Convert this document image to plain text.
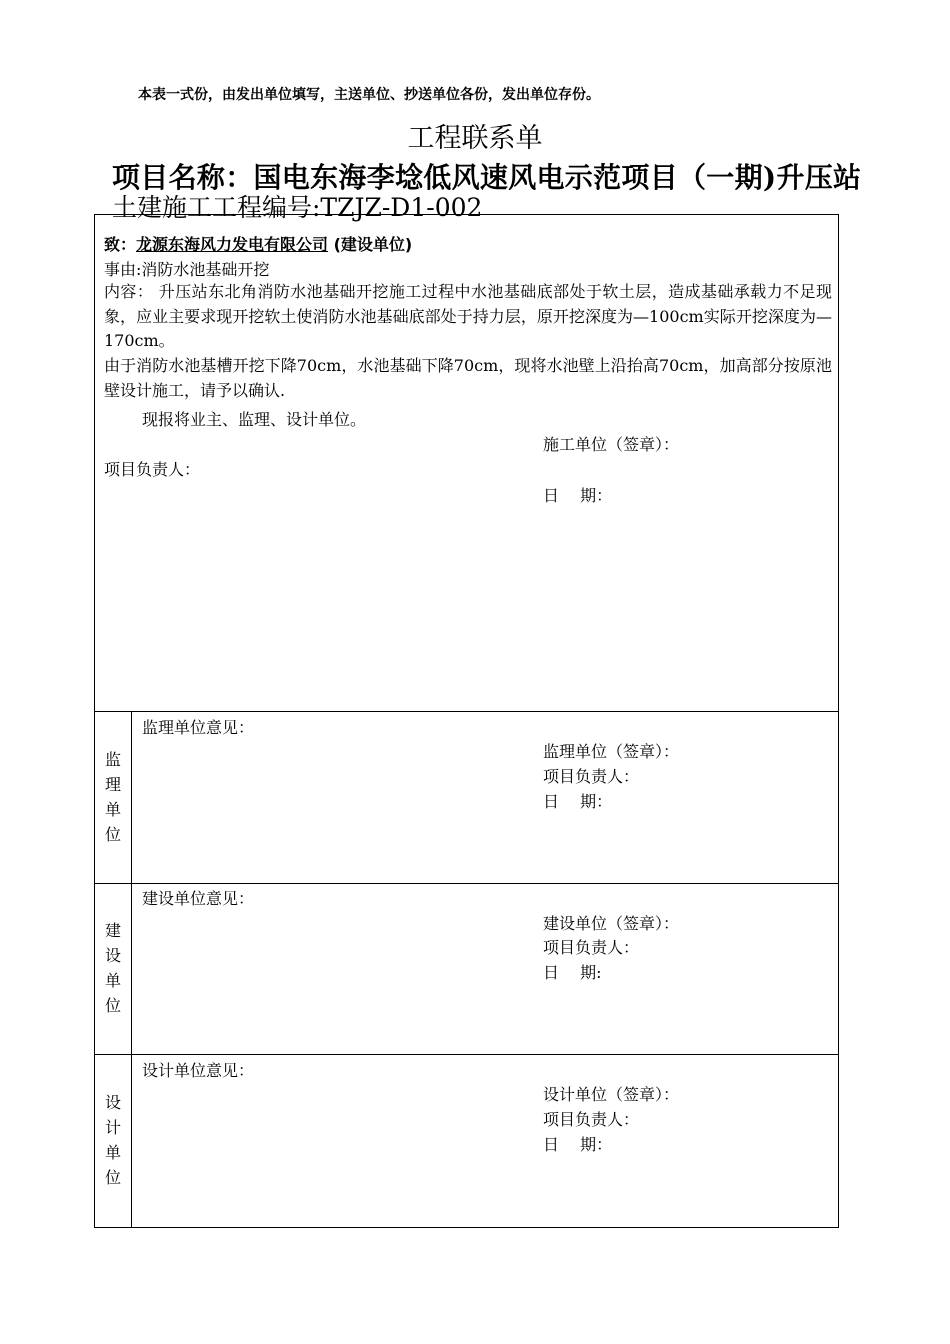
本表一式份，由发出单位填写，主送单位、抄送单位各份，发出单位存份。
工程联系单
项目名称：国电东海李埝低风速风电示范项目（一期)升压站
土建施工工程编号:TZJZ-D1-002
致：龙源东海风力发电有限公司 (建设单位)
事由:消防水池基础开挖
内容： 升压站东北角消防水池基础开挖施工过程中水池基础底部处于软土层，造成基础承载力不足现象，应业主要求现开挖软土使消防水池基础底部处于持力层，原开挖深度为—100cm实际开挖深度为—170cm。
由于消防水池基槽开挖下降70cm，水池基础下降70cm，现将水池壁上沿抬高70cm，加高部分按原池壁设计施工，请予以确认.
现报将业主、监理、设计单位。
施工单位（签章）：
项目负责人：
日　 期：
监
理
单
位
监理单位意见：
监理单位（签章）：
项目负责人：
日　 期：
建
设
单
位
建设单位意见：
建设单位（签章）：
项目负责人：
日　 期:
设
计
单
位
设计单位意见：
设计单位（签章）：
项目负责人：
日　 期：
